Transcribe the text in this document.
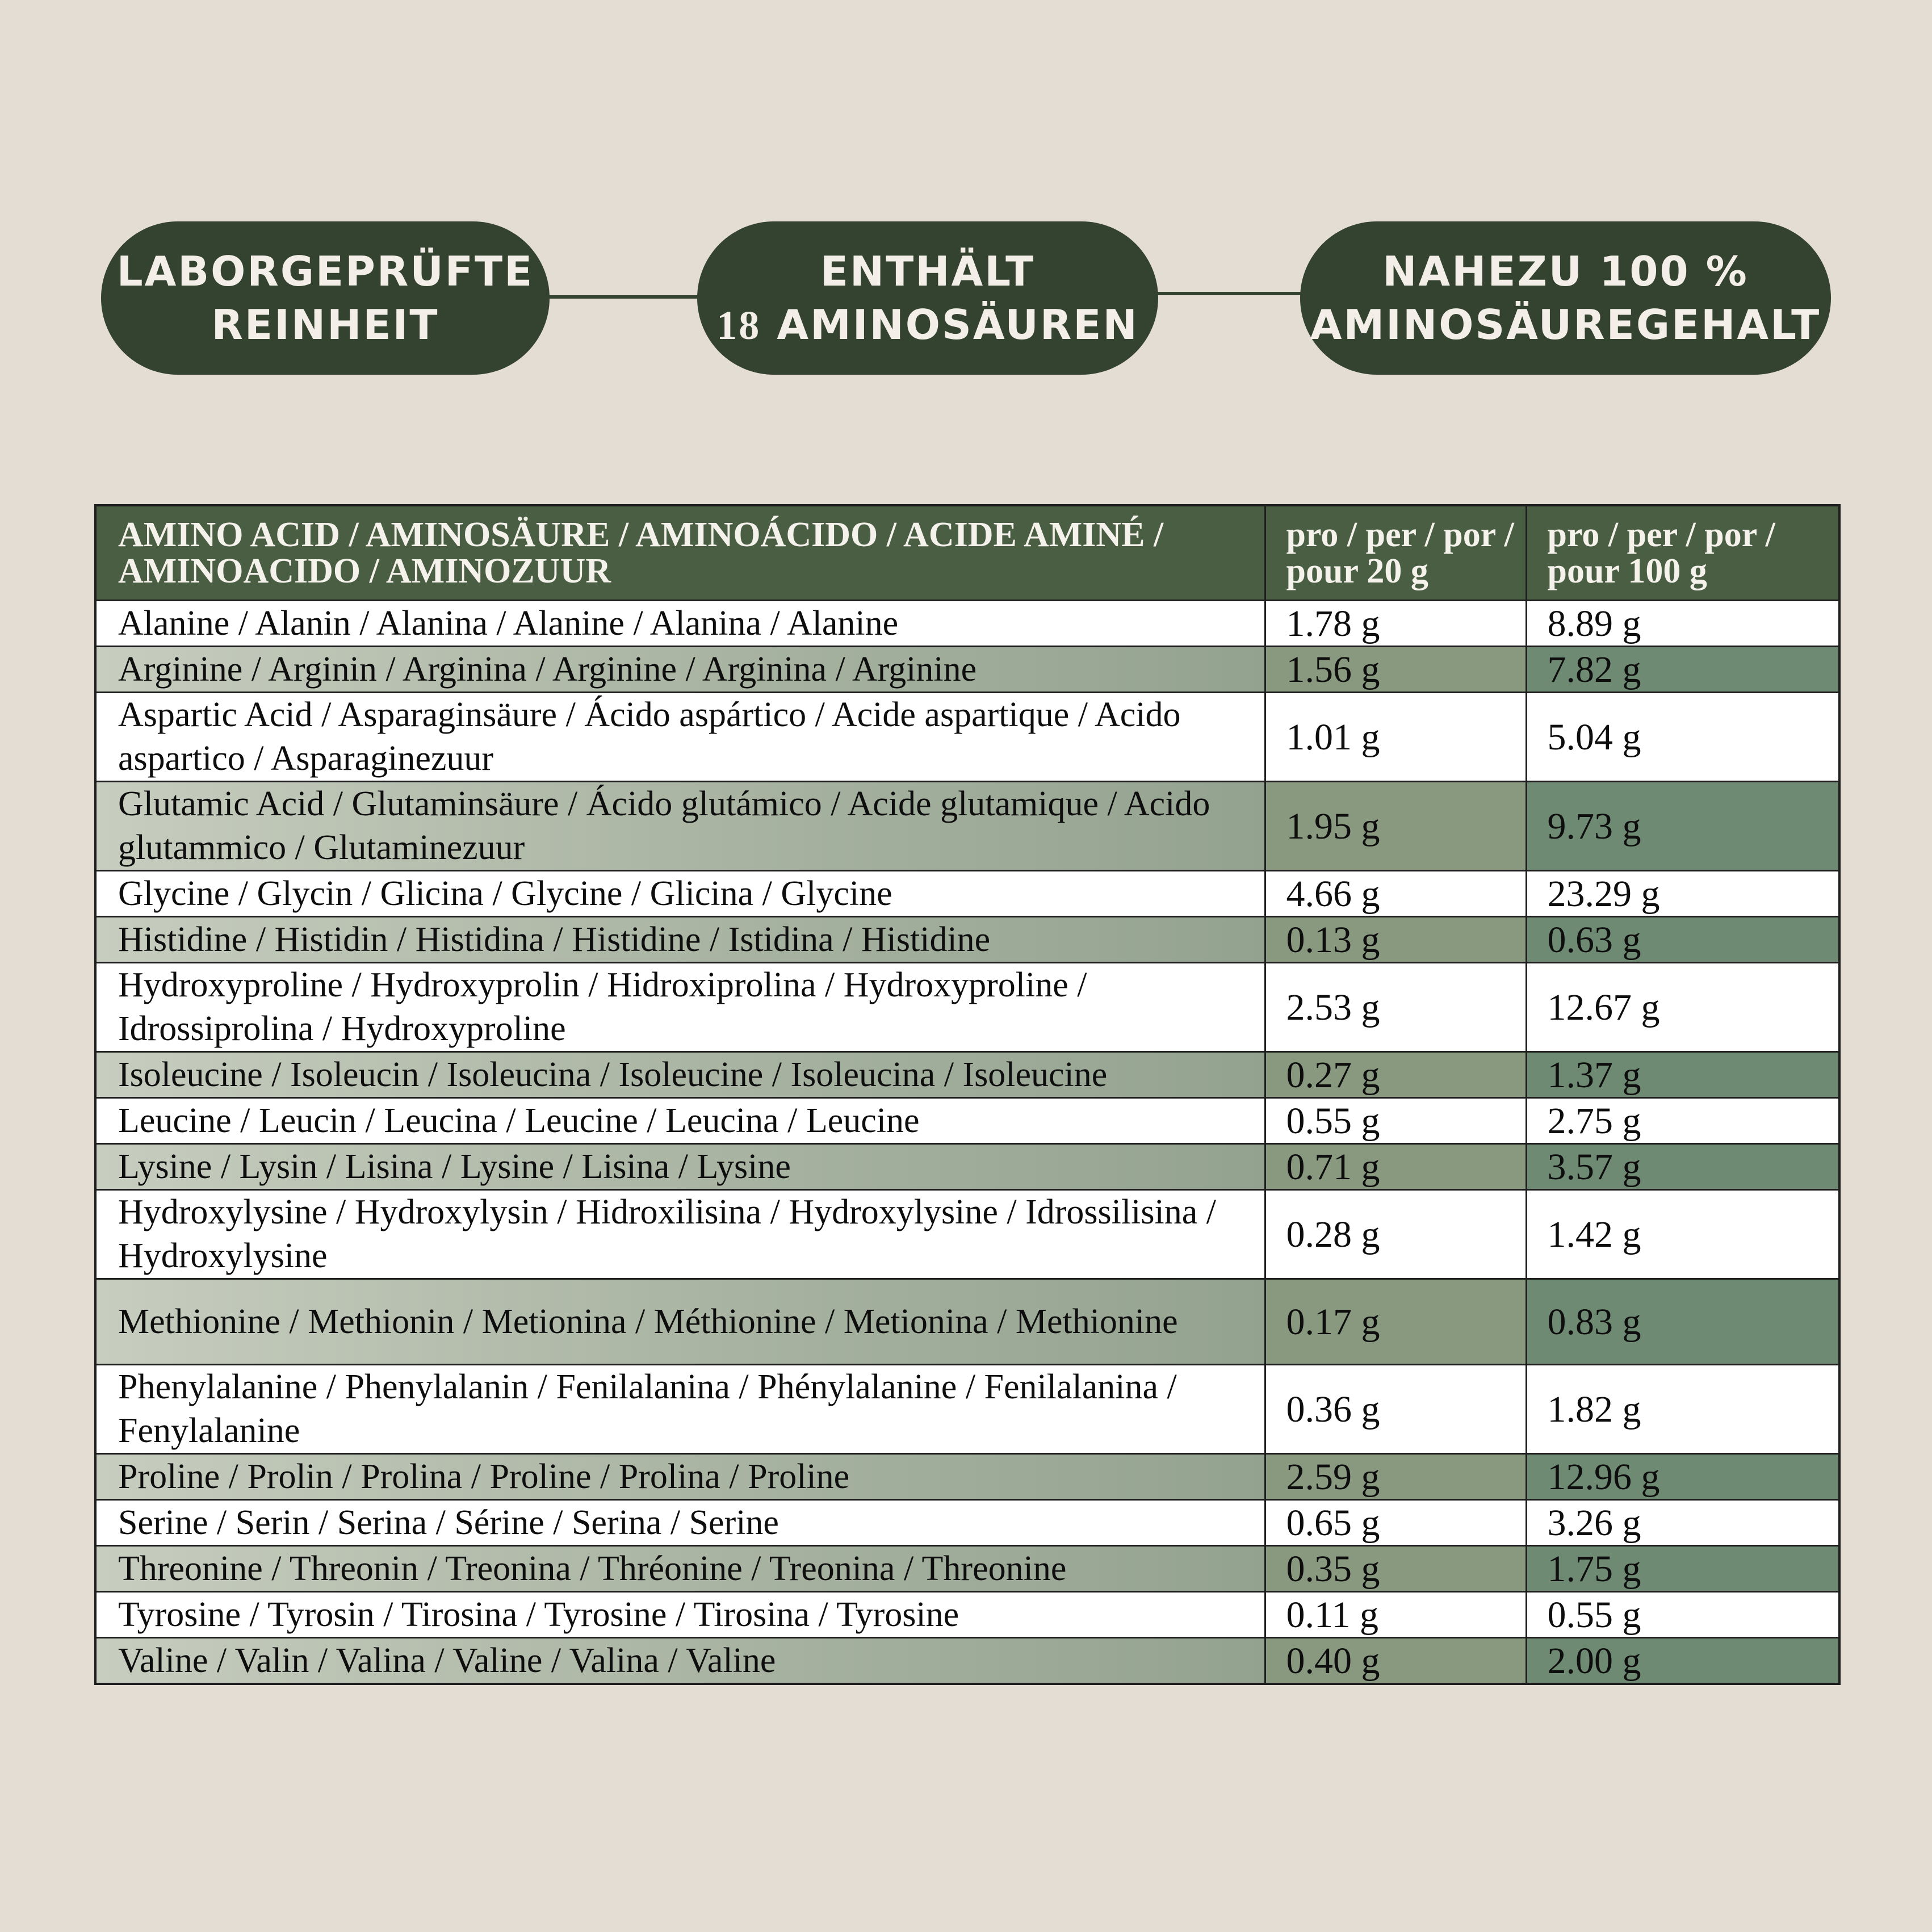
LABORGEPRÜFTE
REINHEIT
ENTHÄLT
18 AMINOSÄUREN
NAHEZU 100 %
AMINOSÄUREGEHALT
AMINO ACID / AMINOSÄURE / AMINOÁCIDO / ACIDE AMINÉ / AMINOACIDO / AMINOZUUR	pro / per / por / pour 20 g	pro / per / por / pour 100 g
Alanine / Alanin / Alanina / Alanine / Alanina / Alanine	1.78 g	8.89 g
Arginine / Arginin / Arginina / Arginine / Arginina / Arginine	1.56 g	7.82 g
Aspartic Acid / Asparaginsäure / Ácido aspártico / Acide aspartique / Acido aspartico / Asparaginezuur	1.01 g	5.04 g
Glutamic Acid / Glutaminsäure / Ácido glutámico / Acide glutamique / Acido glutammico / Glutaminezuur	1.95 g	9.73 g
Glycine / Glycin / Glicina / Glycine / Glicina / Glycine	4.66 g	23.29 g
Histidine / Histidin / Histidina / Histidine / Istidina / Histidine	0.13 g	0.63 g
Hydroxyproline / Hydroxyprolin / Hidroxiprolina / Hydroxyproline / Idrossiprolina / Hydroxyproline	2.53 g	12.67 g
Isoleucine / Isoleucin / Isoleucina / Isoleucine / Isoleucina / Isoleucine	0.27 g	1.37 g
Leucine / Leucin / Leucina / Leucine / Leucina / Leucine	0.55 g	2.75 g
Lysine / Lysin / Lisina / Lysine / Lisina / Lysine	0.71 g	3.57 g
Hydroxylysine / Hydroxylysin / Hidroxilisina / Hydroxylysine / Idrossilisina / Hydroxylysine	0.28 g	1.42 g
Methionine / Methionin / Metionina / Méthionine / Metionina / Methionine	0.17 g	0.83 g
Phenylalanine / Phenylalanin / Fenilalanina / Phénylalanine / Fenilalanina / Fenylalanine	0.36 g	1.82 g
Proline / Prolin / Prolina / Proline / Prolina / Proline	2.59 g	12.96 g
Serine / Serin / Serina / Sérine / Serina / Serine	0.65 g	3.26 g
Threonine / Threonin / Treonina / Thréonine / Treonina / Threonine	0.35 g	1.75 g
Tyrosine / Tyrosin / Tirosina / Tyrosine / Tirosina / Tyrosine	0.11 g	0.55 g
Valine / Valin / Valina / Valine / Valina / Valine	0.40 g	2.00 g
